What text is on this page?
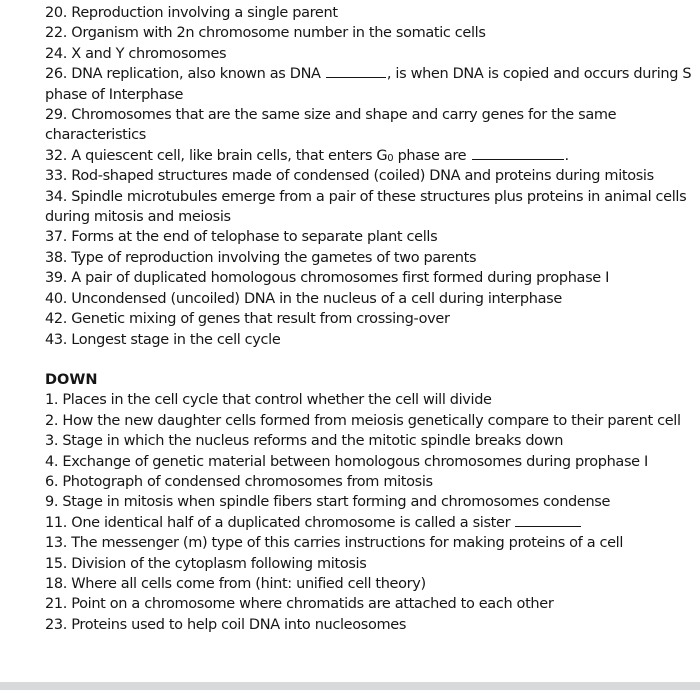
20. Reproduction involving a single parent
22. Organism with 2n chromosome number in the somatic cells
24. X and Y chromosomes
26. DNA replication, also known as DNA	, is when DNA is copied and occurs during S
phase of Interphase
29. Chromosomes that are the same size and shape and carry genes for the same
characteristics
32. A quiescent cell, like brain cells, that enters $G_0$ phase are	.
33. Rod-shaped structures made of condensed (coiled) DNA and proteins during mitosis
34. Spindle microtubules emerge from a pair of these structures plus proteins in animal cells
during mitosis and meiosis
37. Forms at the end of telophase to separate plant cells
38. Type of reproduction involving the gametes of two parents
39. A pair of duplicated homologous chromosomes first formed during prophase I
40. Uncondensed (uncoiled) DNA in the nucleus of a cell during interphase
42. Genetic mixing of genes that result from crossing-over
43. Longest stage in the cell cycle
DOWN
1. Places in the cell cycle that control whether the cell will divide
2. How the new daughter cells formed from meiosis genetically compare to their parent cell
3. Stage in which the nucleus reforms and the mitotic spindle breaks down
4. Exchange of genetic material between homologous chromosomes during prophase I
6. Photograph of condensed chromosomes from mitosis
9. Stage in mitosis when spindle fibers start forming and chromosomes condense
11. One identical half of a duplicated chromosome is called a sister
13. The messenger (m) type of this carries instructions for making proteins of a cell
15. Division of the cytoplasm following mitosis
18. Where all cells come from (hint: unified cell theory)
21. Point on a chromosome where chromatids are attached to each other
23. Proteins used to help coil DNA into nucleosomes
